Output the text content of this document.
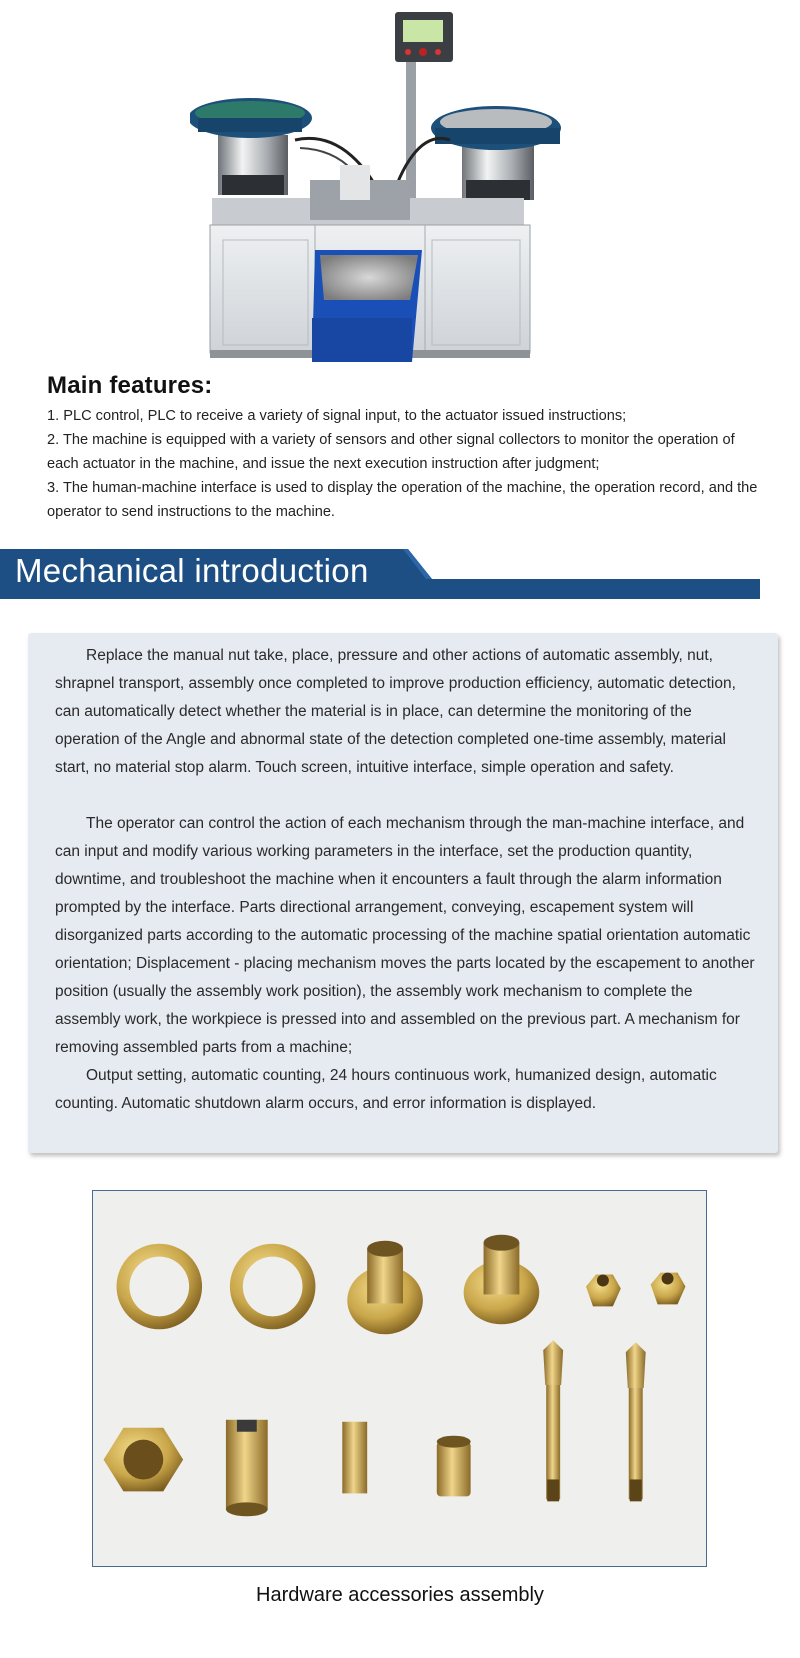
Main features:
1. PLC control, PLC to receive a variety of signal input, to the actuator issued instructions;
2. The machine is equipped with a variety of sensors and other signal collectors to monitor the operation of each actuator in the machine, and issue the next execution instruction after judgment;
3. The human-machine interface is used to display the operation of the machine, the operation record, and the operator to send instructions to the machine.
Mechanical introduction

Replace the manual nut take, place, pressure and other actions of automatic assembly, nut, shrapnel transport, assembly once completed to improve production efficiency, automatic detection, can automatically detect whether the material is in place, can determine the monitoring of the operation of the Angle and abnormal state of the detection completed one-time assembly, material start, no material stop alarm. Touch screen, intuitive interface, simple operation and safety.

The operator can control the action of each mechanism through the man-machine interface, and can input and modify various working parameters in the interface, set the production quantity, downtime, and troubleshoot the machine when it encounters a fault through the alarm information prompted by the interface. Parts directional arrangement, conveying, escapement system will disorganized parts according to the automatic processing of the machine spatial orientation automatic orientation; Displacement - placing mechanism moves the parts located by the escapement to another position (usually the assembly work position), the assembly work mechanism to complete the assembly work, the workpiece is pressed into and assembled on the previous part. A mechanism for removing assembled parts from a machine;

Output setting, automatic counting, 24 hours continuous work, humanized design, automatic counting. Automatic shutdown alarm occurs, and error information is displayed.

Hardware accessories assembly
